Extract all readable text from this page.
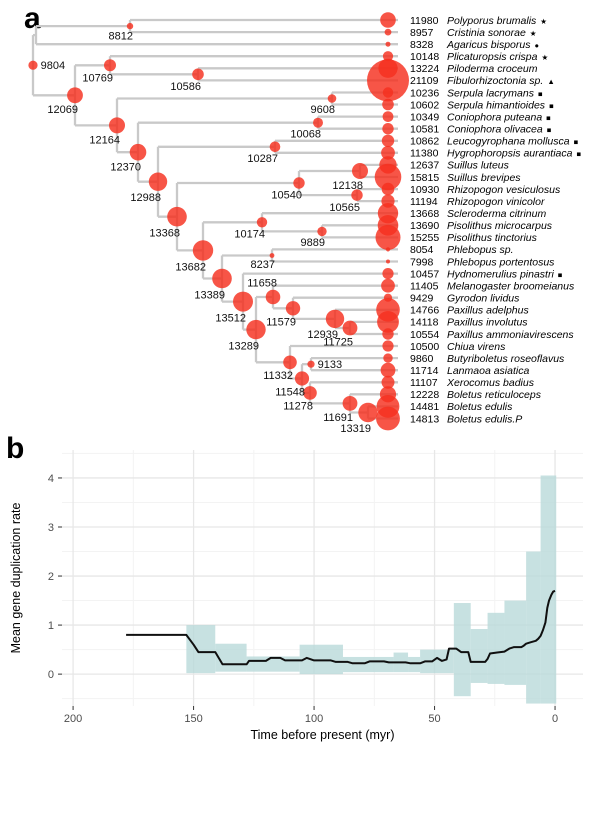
a
9804
8812
10769
10586
12069
12164
9608
12370
10068
12988
10287
13368
10540
12138
10565
13682
10174
9889
13389
8237
13512
13289
11658
11579
12939
11725
11332
11548
9133
11278
11691
13319
11980 Polyporus brumalis ★
8957 Cristinia sonorae ★
8328 Agaricus bisporus ●
10148 Plicaturopsis crispa ★
13224 Piloderma croceum
21109 Fibulorhizoctonia sp. ▲
10236 Serpula lacrymans ■
10602 Serpula himantioides ■
10349 Coniophora puteana ■
10581 Coniophora olivacea ■
10862 Leucogyrophana mollusca ■
11380 Hygrophoropsis aurantiaca ■
12637 Suillus luteus
15815 Suillus brevipes
10930 Rhizopogon vesiculosus
11194 Rhizopogon vinicolor
13668 Scleroderma citrinum
13690 Pisolithus microcarpus
15255 Pisolithus tinctorius
8054 Phlebopus sp.
7998 Phlebopus portentosus
10457 Hydnomerulius pinastri ■
11405 Melanogaster broomeianus
9429 Gyrodon lividus
14766 Paxillus adelphus
14118 Paxillus involutus
10554 Paxillus ammoniavirescens
10500 Chiua virens
9860 Butyriboletus roseoflavus
11714 Lanmaoa asiatica
11107 Xerocomus badius
12228 Boletus reticuloceps
14481 Boletus edulis
14813 Boletus edulis.P
b
200	150	100	50	0
0
1
2
3
4
Time before present (myr)
Mean gene duplication rate
